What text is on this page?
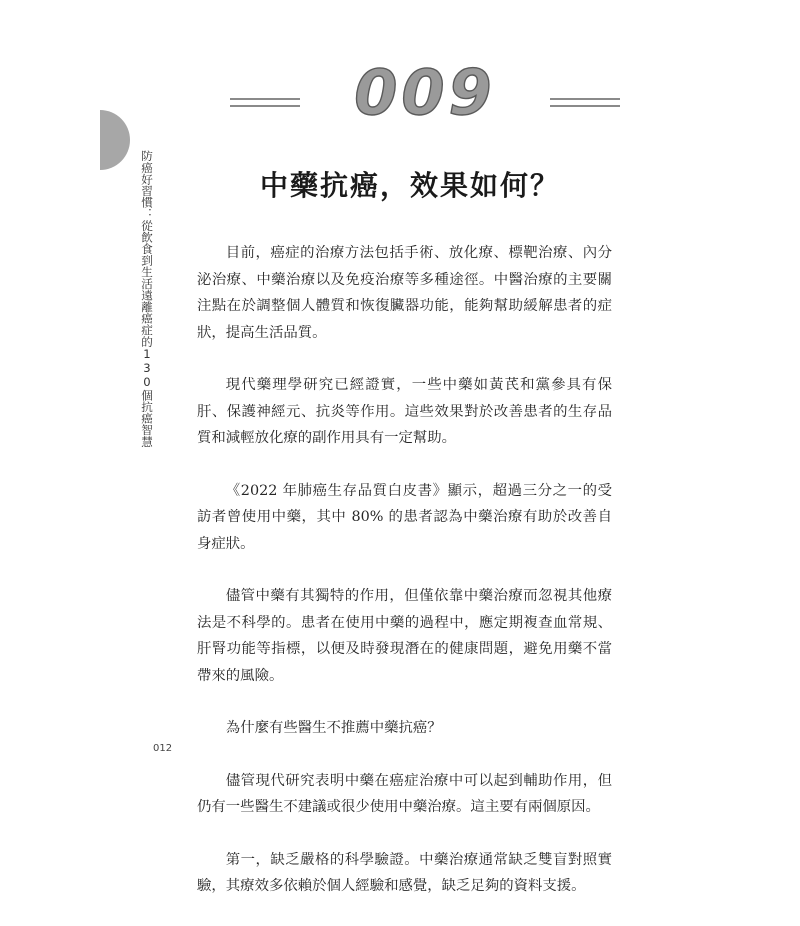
009
防癌好習慣：從飲食到生活遠離癌症的130個抗癌智慧	中藥抗癌，效果如何？

目前，癌症的治療方法包括手術、放化療、標靶治療、內分泌治療、中藥治療以及免疫治療等多種途徑。中醫治療的主要關注點在於調整個人體質和恢復臟器功能，能夠幫助緩解患者的症狀，提高生活品質。

現代藥理學研究已經證實，一些中藥如黃芪和黨參具有保肝、保護神經元、抗炎等作用。這些效果對於改善患者的生存品質和減輕放化療的副作用具有一定幫助。

《2022 年肺癌生存品質白皮書》顯示，超過三分之一的受訪者曾使用中藥，其中 80% 的患者認為中藥治療有助於改善自身症狀。

儘管中藥有其獨特的作用，但僅依靠中藥治療而忽視其他療法是不科學的。患者在使用中藥的過程中，應定期複查血常規、肝腎功能等指標，以便及時發現潛在的健康問題，避免用藥不當帶來的風險。

為什麼有些醫生不推薦中藥抗癌？

儘管現代研究表明中藥在癌症治療中可以起到輔助作用，但仍有一些醫生不建議或很少使用中藥治療。這主要有兩個原因。

第一，缺乏嚴格的科學驗證。中藥治療通常缺乏雙盲對照實驗，其療效多依賴於個人經驗和感覺，缺乏足夠的資料支援。

012
